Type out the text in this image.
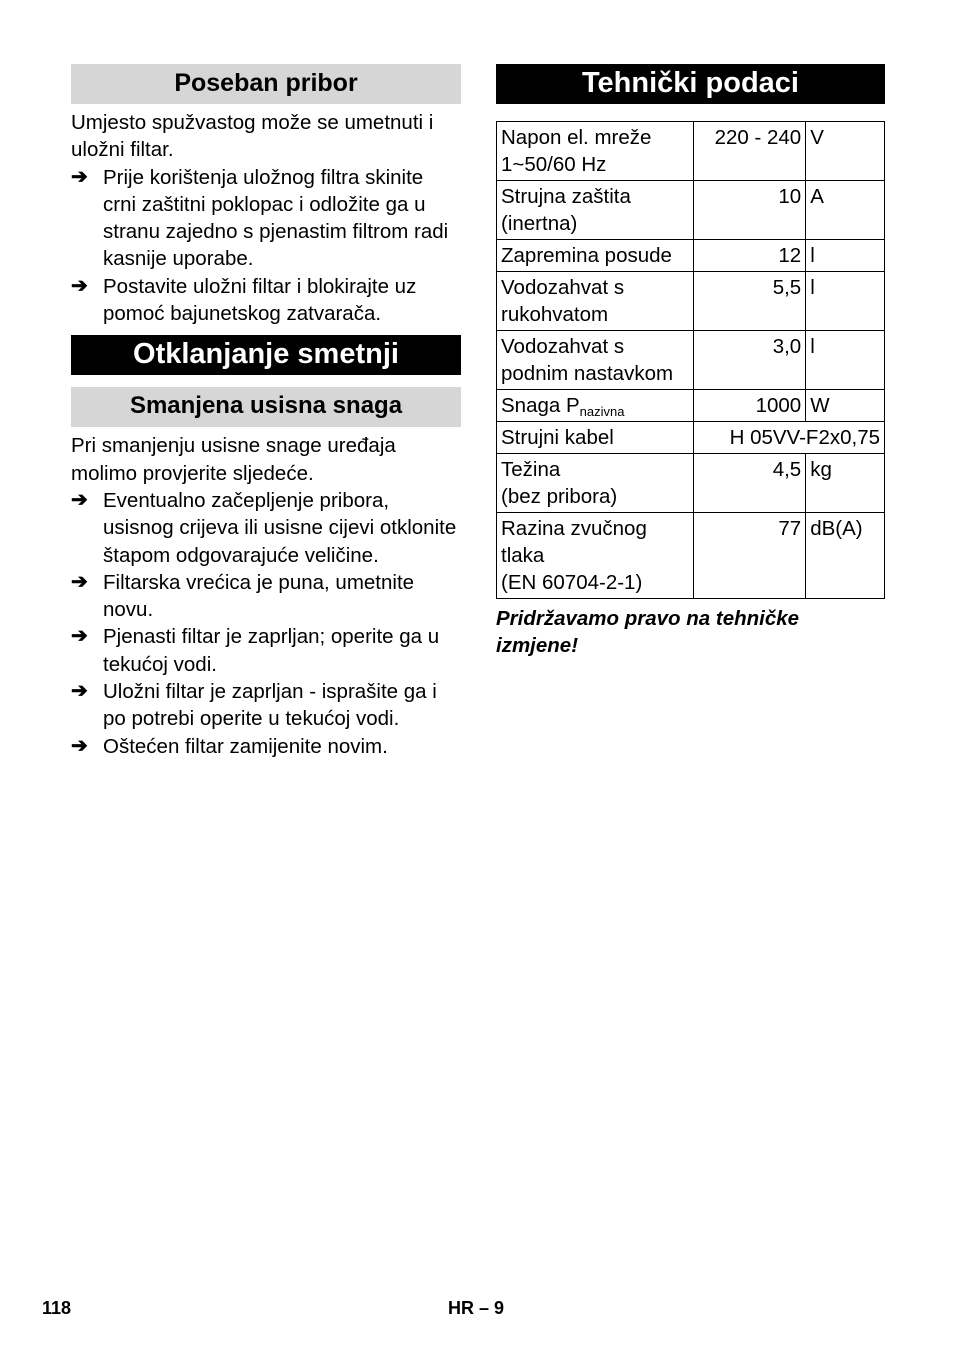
Poseban pribor

Umjesto spužvastog može se umetnuti i uložni filtar.

➔ Prije korištenja uložnog filtra skinite crni zaštitni poklopac i odložite ga u stranu zajedno s pjenastim filtrom radi kasnije uporabe.
➔ Postavite uložni filtar i blokirajte uz pomoć bajunetskog zatvarača.
Otklanjanje smetnji
Smanjena usisna snaga

Pri smanjenju usisne snage uređaja molimo provjerite sljedeće.

➔ Eventualno začepljenje pribora, usisnog crijeva ili usisne cijevi otklonite štapom odgovarajuće veličine.
➔ Filtarska vrećica je puna, umetnite novu.
➔ Pjenasti filtar je zaprljan; operite ga u tekućoj vodi.
➔ Uložni filtar je zaprljan - isprašite ga i po potrebi operite u tekućoj vodi.
➔ Oštećen filtar zamijenite novim.
Tehnički podaci
Napon el. mreže
1~50/60 Hz	220 - 240	V
Strujna zaštita
(inertna)	10	A
Zapremina posude	12	l
Vodozahvat s rukohvatom	5,5	l
Vodozahvat s podnim nastavkom	3,0	l
Snaga $P_{nazivna}$	1000	W
Strujni kabel	H 05VV-F2x0,75	
Težina
(bez pribora)	4,5	kg
Razina zvučnog tlaka
(EN 60704-2-1)	77	dB(A)
Pridržavamo pravo na tehničke izmjene!
118	HR – 9
